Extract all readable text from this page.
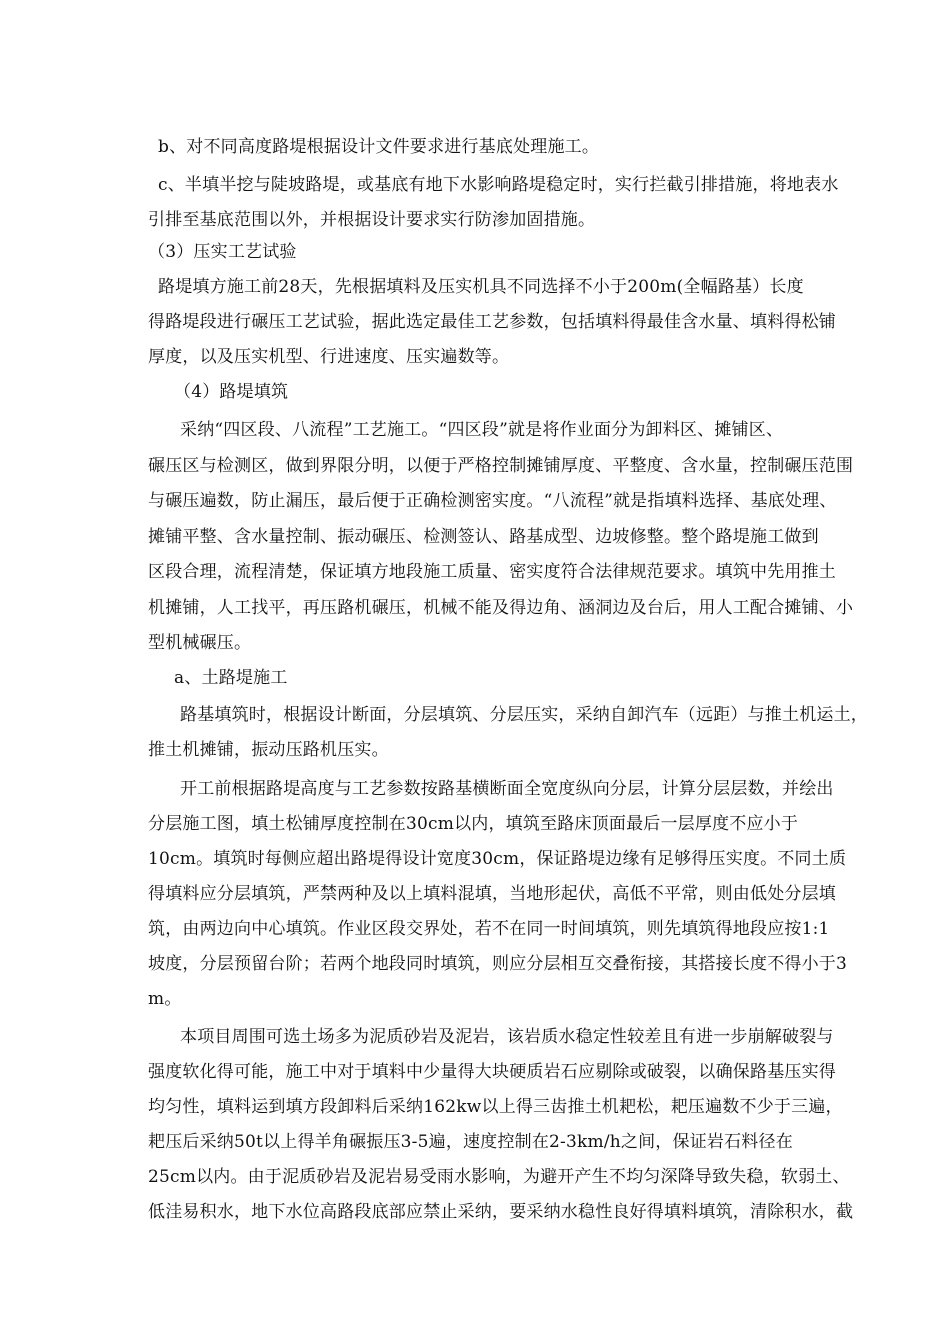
b、对不同高度路堤根据设计文件要求进行基底处理施工。
c、半填半挖与陡坡路堤，或基底有地下水影响路堤稳定时，实行拦截引排措施，将地表水
引排至基底范围以外，并根据设计要求实行防渗加固措施。
（3）压实工艺试验
路堤填方施工前28天，先根据填料及压实机具不同选择不小于200m(全幅路基）长度
得路堤段进行碾压工艺试验，据此选定最佳工艺参数，包括填料得最佳含水量、填料得松铺
厚度，以及压实机型、行进速度、压实遍数等。
（4）路堤填筑
采纳“四区段、八流程”工艺施工。“四区段”就是将作业面分为卸料区、摊铺区、
碾压区与检测区，做到界限分明，以便于严格控制摊铺厚度、平整度、含水量，控制碾压范围
与碾压遍数，防止漏压，最后便于正确检测密实度。“八流程”就是指填料选择、基底处理、
摊铺平整、含水量控制、振动碾压、检测签认、路基成型、边坡修整。整个路堤施工做到
区段合理，流程清楚，保证填方地段施工质量、密实度符合法律规范要求。填筑中先用推土
机摊铺，人工找平，再压路机碾压，机械不能及得边角、涵洞边及台后，用人工配合摊铺、小
型机械碾压。
a、土路堤施工
路基填筑时，根据设计断面，分层填筑、分层压实，采纳自卸汽车（远距）与推土机运土，
推土机摊铺，振动压路机压实。
开工前根据路堤高度与工艺参数按路基横断面全宽度纵向分层，计算分层层数，并绘出
分层施工图，填土松铺厚度控制在30cm以内，填筑至路床顶面最后一层厚度不应小于
10cm。填筑时每侧应超出路堤得设计宽度30cm，保证路堤边缘有足够得压实度。不同土质
得填料应分层填筑，严禁两种及以上填料混填，当地形起伏，高低不平常，则由低处分层填
筑，由两边向中心填筑。作业区段交界处，若不在同一时间填筑，则先填筑得地段应按1:1
坡度，分层预留台阶；若两个地段同时填筑，则应分层相互交叠衔接，其搭接长度不得小于3
m。
本项目周围可选土场多为泥质砂岩及泥岩，该岩质水稳定性较差且有进一步崩解破裂与
强度软化得可能，施工中对于填料中少量得大块硬质岩石应剔除或破裂，以确保路基压实得
均匀性，填料运到填方段卸料后采纳162kw以上得三齿推土机耙松，耙压遍数不少于三遍，
耙压后采纳50t以上得羊角碾振压3-5遍，速度控制在2-3km/h之间，保证岩石料径在
25cm以内。由于泥质砂岩及泥岩易受雨水影响，为避开产生不均匀深降导致失稳，软弱土、
低洼易积水，地下水位高路段底部应禁止采纳，要采纳水稳性良好得填料填筑，清除积水，截
